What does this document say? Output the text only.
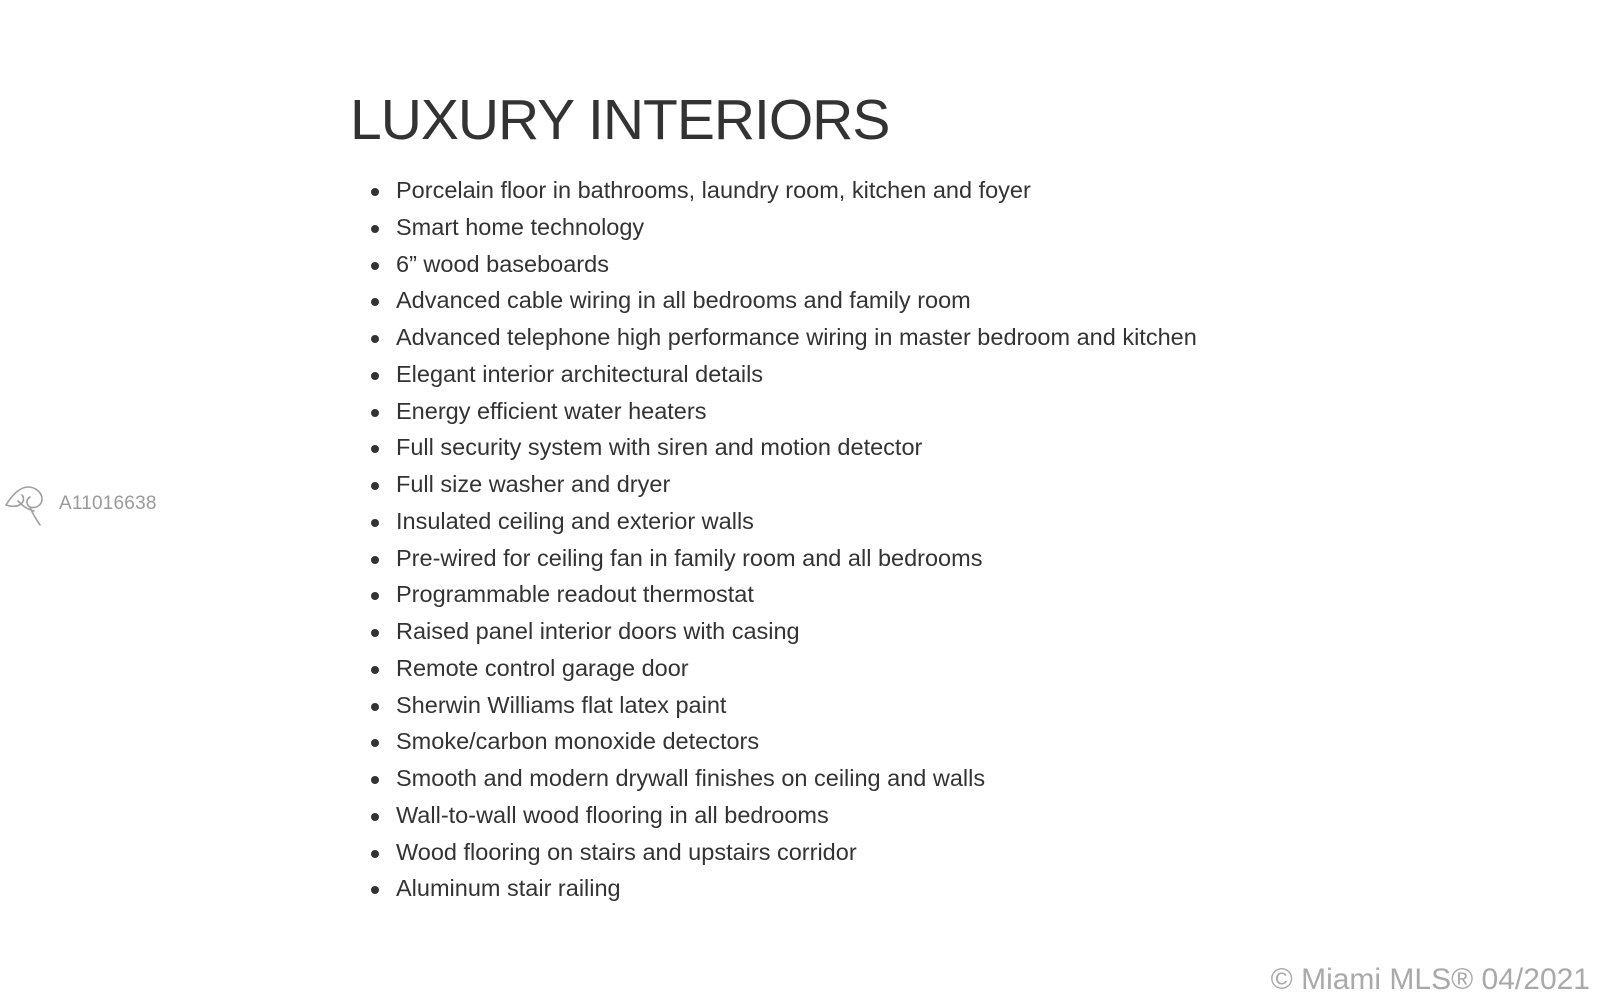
LUXURY INTERIORS
Porcelain floor in bathrooms, laundry room, kitchen and foyer
Smart home technology
6” wood baseboards
Advanced cable wiring in all bedrooms and family room
Advanced telephone high performance wiring in master bedroom and kitchen
Elegant interior architectural details
Energy efficient water heaters
Full security system with siren and motion detector
Full size washer and dryer
Insulated ceiling and exterior walls
Pre-wired for ceiling fan in family room and all bedrooms
Programmable readout thermostat
Raised panel interior doors with casing
Remote control garage door
Sherwin Williams flat latex paint
Smoke/carbon monoxide detectors
Smooth and modern drywall finishes on ceiling and walls
Wall-to-wall wood flooring in all bedrooms
Wood flooring on stairs and upstairs corridor
Aluminum stair railing
A11016638
© Miami MLS® 04/2021
